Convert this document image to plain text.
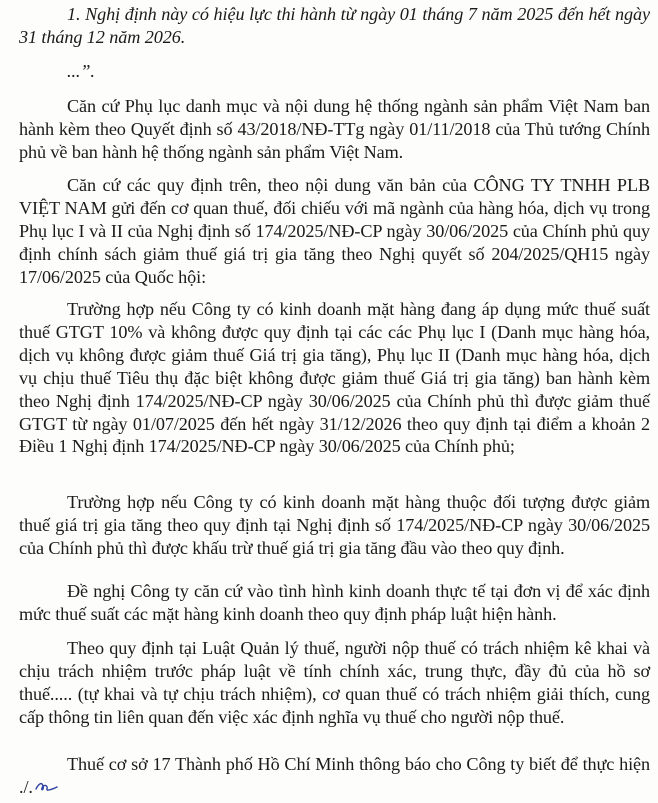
1. Nghị định này có hiệu lực thi hành từ ngày 01 tháng 7 năm 2025 đến hết ngày 31 tháng 12 năm 2026.

...”.

Căn cứ Phụ lục danh mục và nội dung hệ thống ngành sản phẩm Việt Nam ban hành kèm theo Quyết định số 43/2018/NĐ-TTg ngày 01/11/2018 của Thủ tướng Chính phủ về ban hành hệ thống ngành sản phẩm Việt Nam.

Căn cứ các quy định trên, theo nội dung văn bản của CÔNG TY TNHH PLB VIỆT NAM gửi đến cơ quan thuế, đối chiếu với mã ngành của hàng hóa, dịch vụ trong Phụ lục I và II của Nghị định số 174/2025/NĐ-CP ngày 30/06/2025 của Chính phủ quy định chính sách giảm thuế giá trị gia tăng theo Nghị quyết số 204/2025/QH15 ngày 17/06/2025 của Quốc hội:

Trường hợp nếu Công ty có kinh doanh mặt hàng đang áp dụng mức thuế suất thuế GTGT 10% và không được quy định tại các các Phụ lục I (Danh mục hàng hóa, dịch vụ không được giảm thuế Giá trị gia tăng), Phụ lục II (Danh mục hàng hóa, dịch vụ chịu thuế Tiêu thụ đặc biệt không được giảm thuế Giá trị gia tăng) ban hành kèm theo Nghị định 174/2025/NĐ-CP ngày 30/06/2025 của Chính phủ thì được giảm thuế GTGT từ ngày 01/07/2025 đến hết ngày 31/12/2026 theo quy định tại điểm a khoản 2 Điều 1 Nghị định 174/2025/NĐ-CP ngày 30/06/2025 của Chính phủ;

Trường hợp nếu Công ty có kinh doanh mặt hàng thuộc đối tượng được giảm thuế giá trị gia tăng theo quy định tại Nghị định số 174/2025/NĐ-CP ngày 30/06/2025 của Chính phủ thì được khấu trừ thuế giá trị gia tăng đầu vào theo quy định.

Đề nghị Công ty căn cứ vào tình hình kinh doanh thực tế tại đơn vị để xác định mức thuế suất các mặt hàng kinh doanh theo quy định pháp luật hiện hành.

Theo quy định tại Luật Quản lý thuế, người nộp thuế có trách nhiệm kê khai và chịu trách nhiệm trước pháp luật về tính chính xác, trung thực, đầy đủ của hồ sơ thuế..... (tự khai và tự chịu trách nhiệm), cơ quan thuế có trách nhiệm giải thích, cung cấp thông tin liên quan đến việc xác định nghĩa vụ thuế cho người nộp thuế.

Thuế cơ sở 17 Thành phố Hồ Chí Minh thông báo cho Công ty biết để thực hiện ./.
